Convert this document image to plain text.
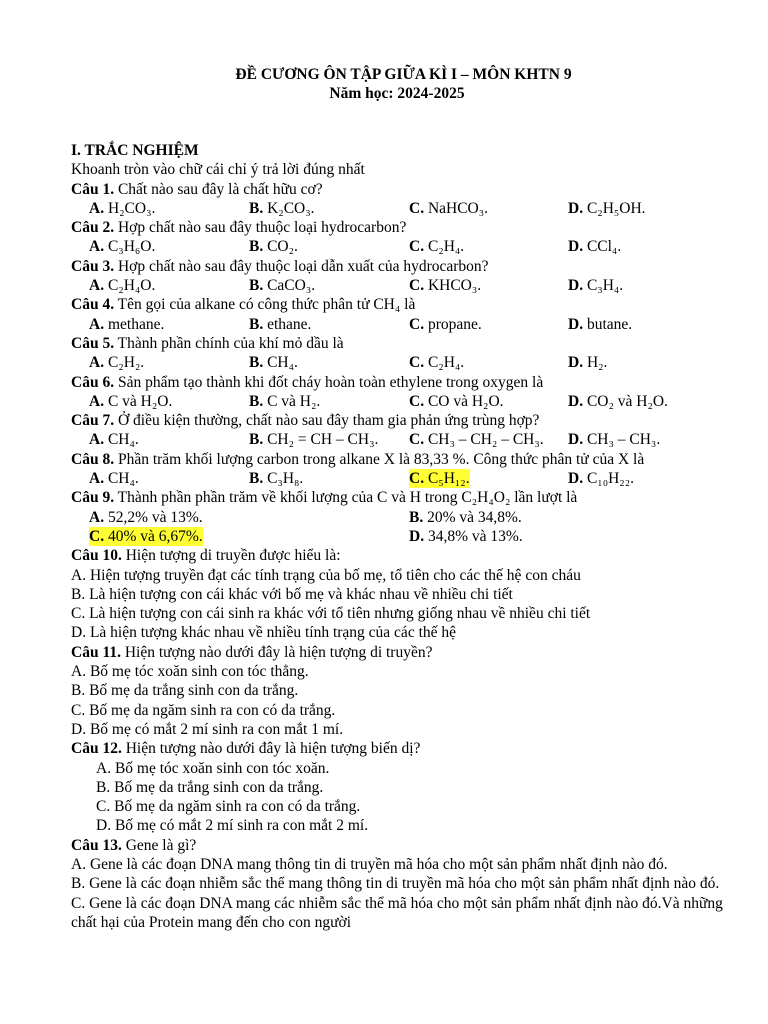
ĐỀ CƯƠNG ÔN TẬP GIỮA KÌ I – MÔN KHTN 9
Năm học: 2024-2025
I. TRẮC NGHIỆM
Khoanh tròn vào chữ cái chỉ ý trả lời đúng nhất
Câu 1. Chất nào sau đây là chất hữu cơ?
A. H₂CO₃.	B. K₂CO₃.	C. NaHCO₃.	D. C₂H₅OH.
Câu 2. Hợp chất nào sau đây thuộc loại hydrocarbon?
A. C₃H₆O.	B. CO₂.	C. C₂H₄.	D. CCl₄.
Câu 3. Hợp chất nào sau đây thuộc loại dẫn xuất của hydrocarbon?
A. C₂H₄O.	B. CaCO₃.	C. KHCO₃.	D. C₃H₄.
Câu 4. Tên gọi của alkane có công thức phân tử CH₄ là
A. methane.	B. ethane.	C. propane.	D. butane.
Câu 5. Thành phần chính của khí mỏ dầu là
A. C₂H₂.	B. CH₄.	C. C₂H₄.	D. H₂.
Câu 6. Sản phẩm tạo thành khi đốt cháy hoàn toàn ethylene trong oxygen là
A. C và H₂O.	B. C và H₂.	C. CO và H₂O.	D. CO₂ và H₂O.
Câu 7. Ở điều kiện thường, chất nào sau đây tham gia phản ứng trùng hợp?
A. CH₄.	B. CH₂ = CH – CH₃. C. CH₃ – CH₂ – CH₃. D. CH₃ – CH₃.
Câu 8. Phần trăm khối lượng carbon trong alkane X là 83,33 %. Công thức phân tử của X là
A. CH₄.	B. C₃H₈.	C. C₅H₁₂.	D. C₁₀H₂₂.
Câu 9. Thành phần phần trăm về khối lượng của C và H trong C₂H₄O₂ lần lượt là
A. 52,2% và 13%.	B. 20% và 34,8%.
C. 40% và 6,67%.	D. 34,8% và 13%.
Câu 10. Hiện tượng di truyền được hiểu là:
A. Hiện tượng truyền đạt các tính trạng của bố mẹ, tổ tiên cho các thế hệ con cháu
B. Là hiện tượng con cái khác với bố mẹ và khác nhau về nhiều chi tiết
C. Là hiện tượng con cái sinh ra khác với tổ tiên nhưng giống nhau về nhiều chi tiết
D. Là hiện tượng khác nhau về nhiều tính trạng của các thế hệ
Câu 11. Hiện tượng nào dưới đây là hiện tượng di truyền?
A. Bố mẹ tóc xoăn sinh con tóc thẳng.
B. Bố mẹ da trắng sinh con da trắng.
C. Bố mẹ da ngăm sinh ra con có da trắng.
D. Bố mẹ có mắt 2 mí sinh ra con mắt 1 mí.
Câu 12. Hiện tượng nào dưới đây là hiện tượng biến dị?
A. Bố mẹ tóc xoăn sinh con tóc xoăn.
B. Bố mẹ da trắng sinh con da trắng.
C. Bố mẹ da ngăm sinh ra con có da trắng.
D. Bố mẹ có mắt 2 mí sinh ra con mắt 2 mí.
Câu 13. Gene là gì?
A. Gene là các đoạn DNA mang thông tin di truyền mã hóa cho một sản phẩm nhất định nào đó.
B. Gene là các đoạn nhiễm sắc thể mang thông tin di truyền mã hóa cho một sản phẩm nhất định nào đó.
C. Gene là các đoạn DNA mang các nhiễm sắc thể mã hóa cho một sản phẩm nhất định nào đó.Và những chất hại của Protein mang đến cho con người
